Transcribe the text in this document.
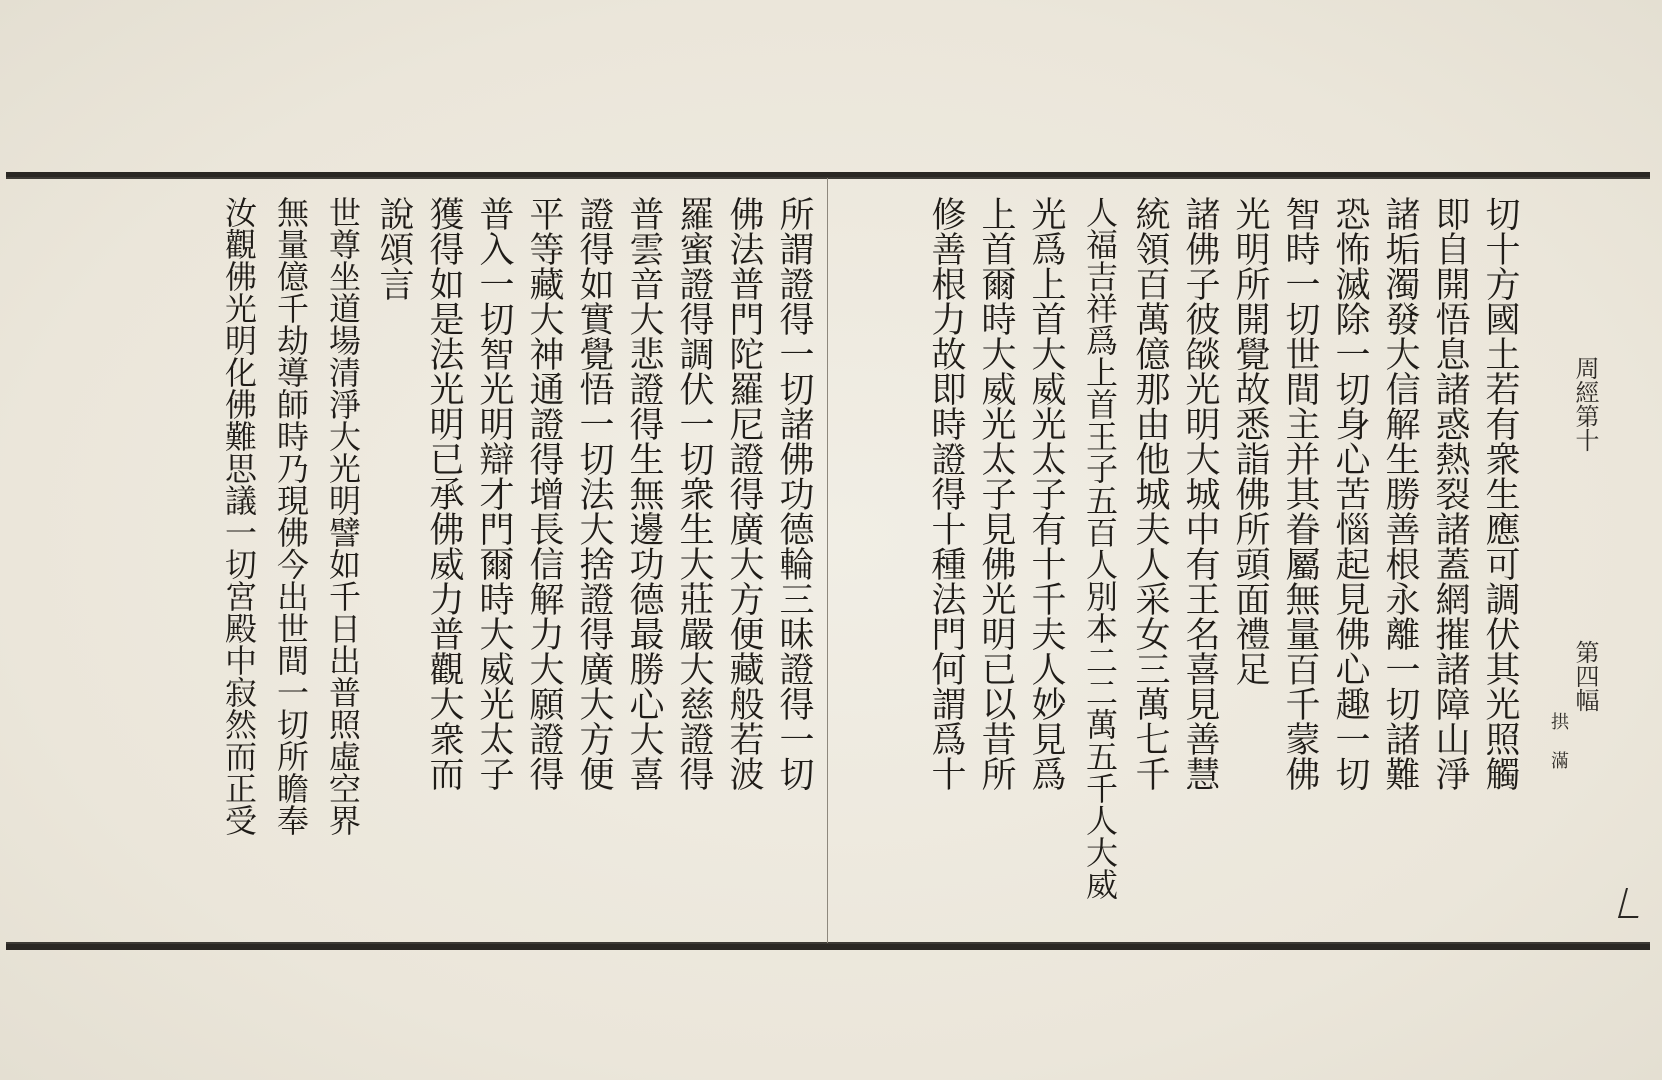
周經第十
第四幅
拱 滿
切十方國土若有衆生應可調伏其光照觸
即自開悟息諸惑熱裂諸蓋網摧諸障山淨
諸垢濁發大信解生勝善根永離一切諸難
恐怖滅除一切身心苦惱起見佛心趣一切
智時一切世間主并其眷屬無量百千蒙佛
光明所開覺故悉詣佛所頭面禮足
諸佛子彼燄光明大城中有王名喜見善慧
統領百萬億那由他城夫人采女三萬七千
人福吉祥爲上首王子五百人別本二二萬五千人大威
光爲上首大威光太子有十千夫人妙見爲
上首爾時大威光太子見佛光明已以昔所
修善根力故即時證得十種法門何謂爲十
所謂證得一切諸佛功德輪三昧證得一切
佛法普門陀羅尼證得廣大方便藏般若波
羅蜜證得調伏一切衆生大莊嚴大慈證得
普雲音大悲證得生無邊功德最勝心大喜
證得如實覺悟一切法大捨證得廣大方便
平等藏大神通證得增長信解力大願證得
普入一切智光明辯才門爾時大威光太子
獲得如是法光明已承佛威力普觀大衆而
說頌言
世尊坐道場清淨大光明譬如千日出普照虛空界
無量億千劫導師時乃現佛今出世間一切所瞻奉
汝觀佛光明化佛難思議一切宮殿中寂然而正受
